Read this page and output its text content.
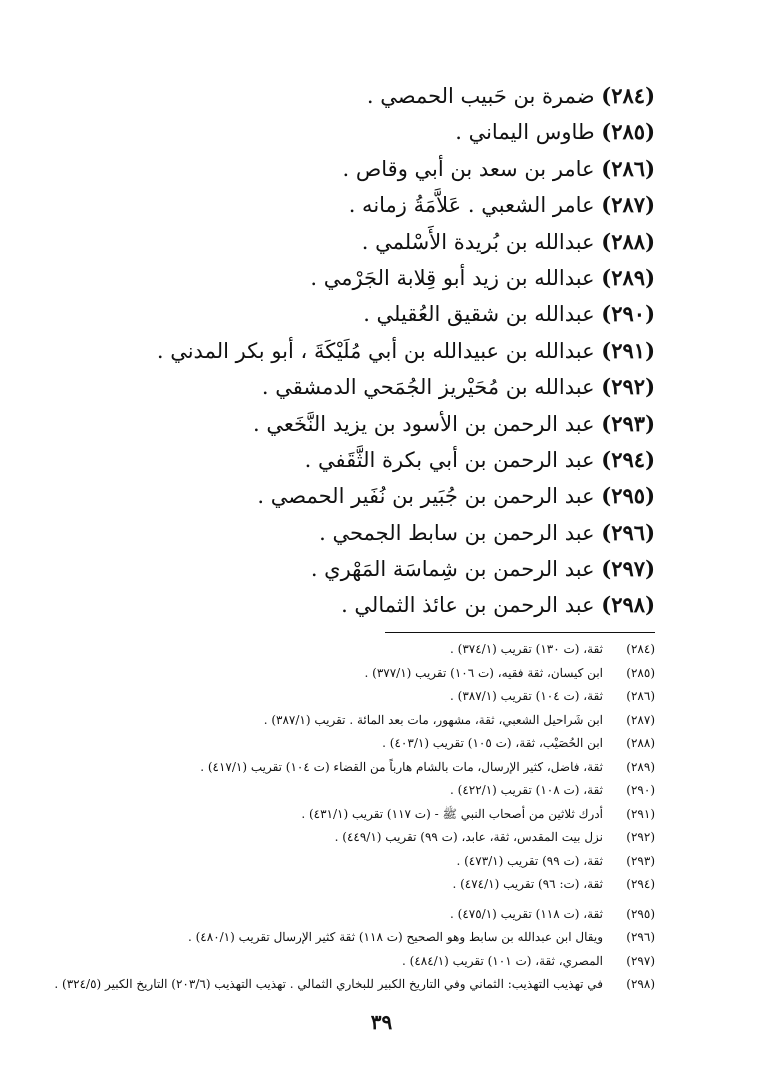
(٢٨٤) ضمرة بن حَبيب الحمصي .
(٢٨٥) طاوس اليماني .
(٢٨٦) عامر بن سعد بن أبي وقاص .
(٢٨٧) عامر الشعبي . عَلاَّمَةُ زمانه .
(٢٨٨) عبدالله بن بُريدة الأَسْلمي .
(٢٨٩) عبدالله بن زيد أبو قِلابة الجَرْمي .
(٢٩٠) عبدالله بن شقيق العُقيلي .
(٢٩١) عبدالله بن عبيدالله بن أبي مُلَيْكَةَ ، أبو بكر المدني .
(٢٩٢) عبدالله بن مُحَيْريز الجُمَحي الدمشقي .
(٢٩٣) عبد الرحمن بن الأسود بن يزيد النَّخَعي .
(٢٩٤) عبد الرحمن بن أبي بكرة الثَّقَفي .
(٢٩٥) عبد الرحمن بن جُبَير بن نُفَير الحمصي .
(٢٩٦) عبد الرحمن بن سابط الجمحي .
(٢٩٧) عبد الرحمن بن شِماسَة المَهْري .
(٢٩٨) عبد الرحمن بن عائذ الثمالي .
(٢٨٤)
ثقة، (ت ١٣٠) تقريب (٣٧٤/١) .
(٢٨٥)
ابن كيسان، ثقة فقيه، (ت ١٠٦) تقريب (٣٧٧/١) .
(٢٨٦)
ثقة، (ت ١٠٤) تقريب (٣٨٧/١) .
(٢٨٧)
ابن شَراحيل الشعبي، ثقة، مشهور، مات بعد المائة . تقريب (٣٨٧/١) .
(٢٨٨)
ابن الحُصَيْب، ثقة، (ت ١٠٥) تقريب (٤٠٣/١) .
(٢٨٩)
ثقة، فاضل، كثير الإرسال، مات بالشام هارباً من القضاء (ت ١٠٤) تقريب (٤١٧/١) .
(٢٩٠)
ثقة، (ت ١٠٨) تقريب (٤٢٢/١) .
(٢٩١)
أدرك ثلاثين من أصحاب النبي ﷺ - (ت ١١٧) تقريب (٤٣١/١) .
(٢٩٢)
نزل بيت المقدس، ثقة، عابد، (ت ٩٩) تقريب (٤٤٩/١) .
(٢٩٣)
ثقة، (ت ٩٩) تقريب (٤٧٣/١) .
(٢٩٤)
ثقة، (ت: ٩٦) تقريب (٤٧٤/١) .
(٢٩٥)
ثقة، (ت ١١٨) تقريب (٤٧٥/١) .
(٢٩٦)
ويقال ابن عبدالله بن سابط وهو الصحيح (ت ١١٨) ثقة كثير الإرسال تقريب (٤٨٠/١) .
(٢٩٧)
المصري، ثقة، (ت ١٠١) تقريب (٤٨٤/١) .
(٢٩٨)
في تهذيب التهذيب: الثماني وفي التاريخ الكبير للبخاري الثمالي . تهذيب التهذيب (٢٠٣/٦) التاريخ الكبير (٣٢٤/٥) .
٣٩
